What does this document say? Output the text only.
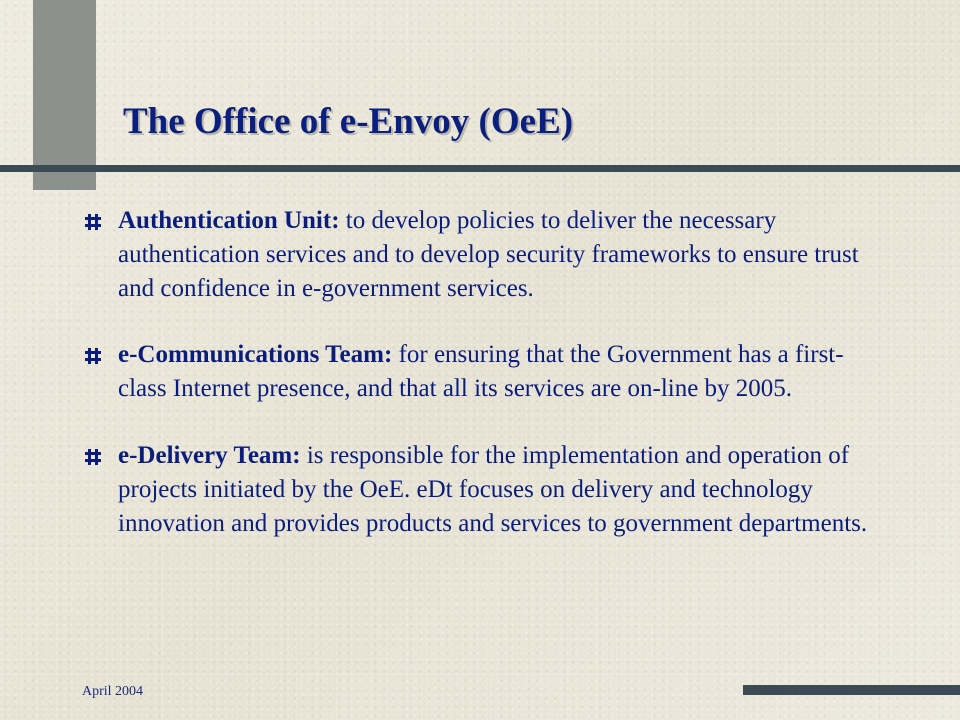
The Office of e-Envoy (OeE)
Authentication Unit: to develop policies to deliver the necessary authentication services and to develop security frameworks to ensure trust and confidence in e-government services.
e-Communications Team: for ensuring that the Government has a first-class Internet presence, and that all its services are on-line by 2005.
e-Delivery Team: is responsible for the implementation and operation of projects initiated by the OeE. eDt focuses on delivery and technology innovation and provides products and services to government departments.

April 2004
